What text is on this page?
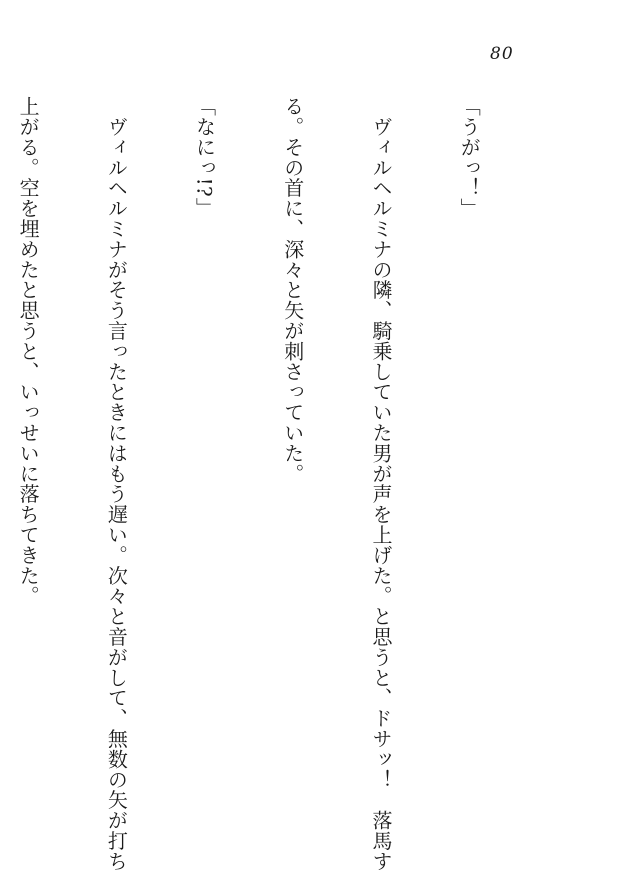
80

「うがっ！」

　ヴィルヘルミナの隣、騎乗していた男が声を上げた。と思うと、ドサッ！　落馬す

る。その首に、深々と矢が刺さっていた。

「なにっ!?」

　ヴィルヘルミナがそう言ったときにはもう遅い。次々と音がして、無数の矢が打ち

上がる。空を埋めたと思うと、いっせいに落ちてきた。
